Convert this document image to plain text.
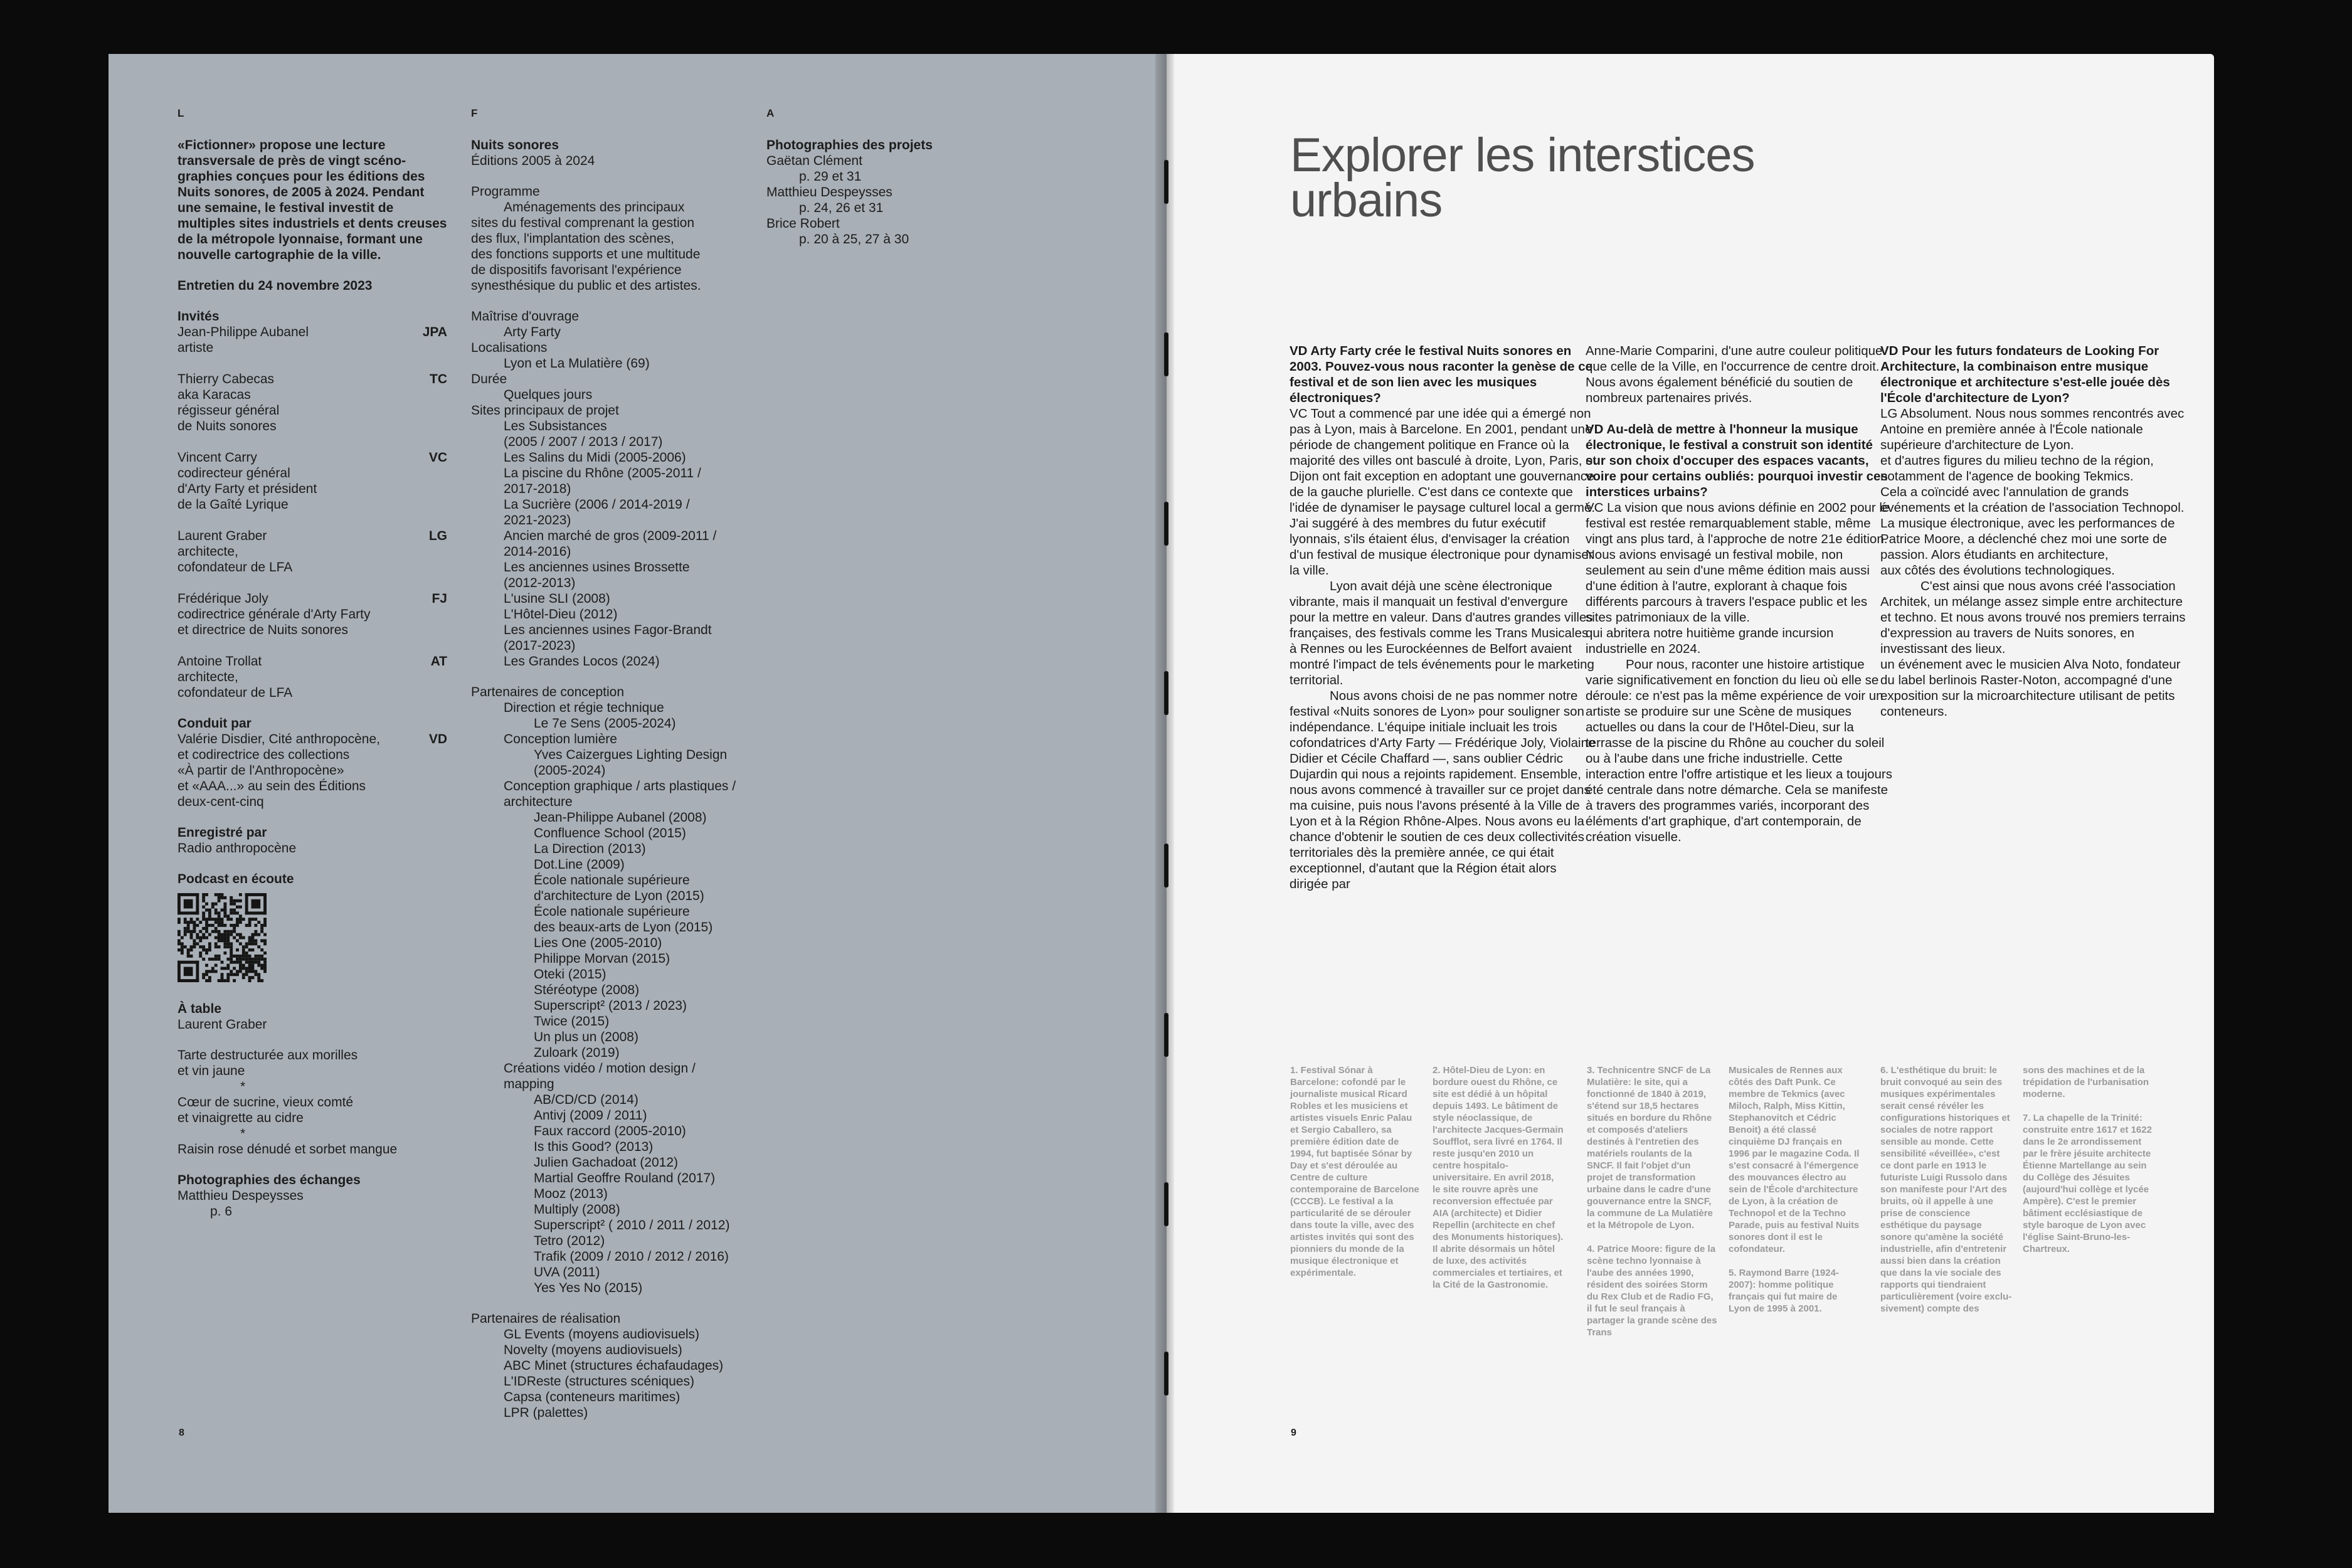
L
«Fictionner» propose une lecture transversale de près de vingt scénographies conçues pour les éditions des Nuits sonores, de 2005 à 2024. Pendant une semaine, le festival investit de multiples sites industriels et dents creuses de la métropole lyonnaise, formant une nouvelle cartographie de la ville.
Entretien du 24 novembre 2023
Invités
Jean-Philippe Aubanel
artiste
JPA
Thierry Cabecas
aka Karacas
régisseur général
de Nuits sonores
TC
Vincent Carry
codirecteur général
d'Arty Farty et président
de la Gaîté Lyrique
VC
Laurent Graber
architecte,
cofondateur de LFA
LG
Frédérique Joly
codirectrice générale d'Arty Farty
et directrice de Nuits sonores
FJ
Antoine Trollat
architecte,
cofondateur de LFA
AT
Conduit par
Valérie Disdier, Cité anthropocène,
et codirectrice des collections
«À partir de l'Anthropocène»
et «AAA...» au sein des Éditions
deux-cent-cinq
VD
Enregistré par
Radio anthropocène
Podcast en écoute
À table
Laurent Graber
Tarte destructurée aux morilles
et vin jaune
*
Cœur de sucrine, vieux comté
et vinaigrette au cidre
*
Raisin rose dénudé et sorbet mangue
Photographies des échanges
Matthieu Despeysses
p. 6
8
F
Nuits sonores
Éditions 2005 à 2024
Programme
Aménagements des principaux
sites du festival comprenant la gestion
des flux, l'implantation des scènes,
des fonctions supports et une multitude
de dispositifs favorisant l'expérience
synesthésique du public et des artistes.
Maîtrise d'ouvrage
Arty Farty
Localisations
Lyon et La Mulatière (69)
Durée
Quelques jours
Sites principaux de projet
Les Subsistances
(2005 / 2007 / 2013 / 2017)
Les Salins du Midi (2005-2006)
La piscine du Rhône (2005-2011 /
2017-2018)
La Sucrière (2006 / 2014-2019 /
2021-2023)
Ancien marché de gros (2009-2011 /
2014-2016)
Les anciennes usines Brossette
(2012-2013)
L'usine SLI (2008)
L'Hôtel-Dieu (2012)
Les anciennes usines Fagor-Brandt
(2017-2023)
Les Grandes Locos (2024)
Partenaires de conception
Direction et régie technique
Le 7e Sens (2005-2024)
Conception lumière
Yves Caizergues Lighting Design
(2005-2024)
Conception graphique / arts plastiques /
architecture
Jean-Philippe Aubanel (2008)
Confluence School (2015)
La Direction (2013)
Dot.Line (2009)
École nationale supérieure
d'architecture de Lyon (2015)
École nationale supérieure
des beaux-arts de Lyon (2015)
Lies One (2005-2010)
Philippe Morvan (2015)
Oteki (2015)
Stéréotype (2008)
Superscript² (2013 / 2023)
Twice (2015)
Un plus un (2008)
Zuloark (2019)
Créations vidéo / motion design /
mapping
AB/CD/CD (2014)
Antivj (2009 / 2011)
Faux raccord (2005-2010)
Is this Good? (2013)
Julien Gachadoat (2012)
Martial Geoffre Rouland (2017)
Mooz (2013)
Multiply (2008)
Superscript² ( 2010 / 2011 / 2012)
Tetro (2012)
Trafik (2009 / 2010 / 2012 / 2016)
UVA (2011)
Yes Yes No (2015)
Partenaires de réalisation
GL Events (moyens audiovisuels)
Novelty (moyens audiovisuels)
ABC Minet (structures échafaudages)
L'IDReste (structures scéniques)
Capsa (conteneurs maritimes)
LPR (palettes)
A
Photographies des projets
Gaëtan Clément
p. 29 et 31
Matthieu Despeysses
p. 24, 26 et 31
Brice Robert
p. 20 à 25, 27 à 30
Explorer les interstices
urbains

VD Arty Farty crée le festival Nuits sonores en 2003. Pouvez-vous nous raconter la genèse de ce festival et de son lien avec les musiques électroniques?

VC Tout a commencé par une idée qui a émergé non pas à Lyon, mais à Barcelone. En 2001, pendant une période de changement politique en France où la majorité des villes ont basculé à droite, Lyon, Paris, et Dijon ont fait exception en adoptant une gouvernance de la gauche plurielle. C'est dans ce contexte que l'idée de dynamiser le paysage culturel local a germé.

J'ai suggéré à des membres du futur exécutif lyonnais, s'ils étaient élus, d'envisager la création d'un festival de musique électronique pour dynamiser la ville.

Lyon avait déjà une scène électronique vibrante, mais il manquait un festival d'envergure pour la mettre en valeur. Dans d'autres grandes villes françaises, des festivals comme les Trans Musicales à Rennes ou les Eurockéennes de Belfort avaient montré l'impact de tels événements pour le marketing territorial.

Nous avons choisi de ne pas nommer notre festival «Nuits sonores de Lyon» pour souligner son indépendance. L'équipe initiale incluait les trois cofondatrices d'Arty Farty — Frédérique Joly, Violaine Didier et Cécile Chaffard —, sans oublier Cédric Dujardin qui nous a rejoints rapidement. Ensemble, nous avons commencé à travailler sur ce projet dans ma cuisine, puis nous l'avons présenté à la Ville de Lyon et à la Région Rhône-Alpes. Nous avons eu la chance d'obtenir le soutien de ces deux collectivités territoriales dès la première année, ce qui était exceptionnel, d'autant que la Région était alors dirigée par

Anne-Marie Comparini, d'une autre couleur politique que celle de la Ville, en l'occurrence de centre droit. Nous avons également bénéficié du soutien de nombreux partenaires privés.

VD Au-delà de mettre à l'honneur la musique électronique, le festival a construit son identité sur son choix d'occuper des espaces vacants, voire pour certains oubliés: pourquoi investir ces interstices urbains?

VC La vision que nous avions définie en 2002 pour le festival est restée remarquablement stable, même vingt ans plus tard, à l'approche de notre 21e édition. Nous avions envisagé un festival mobile, non seulement au sein d'une même édition mais aussi d'une édition à l'autre, explorant à chaque fois différents parcours à travers l'espace public et les sites patrimoniaux de la ville.

qui abritera notre huitième grande incursion industrielle en 2024.

Pour nous, raconter une histoire artistique varie significativement en fonction du lieu où elle se déroule: ce n'est pas la même expérience de voir un artiste se produire sur une Scène de musiques actuelles ou dans la cour de l'Hôtel-Dieu, sur la terrasse de la piscine du Rhône au coucher du soleil ou à l'aube dans une friche industrielle. Cette interaction entre l'offre artistique et les lieux a toujours été centrale dans notre démarche. Cela se manifeste à travers des programmes variés, incorporant des éléments d'art graphique, d'art contemporain, de création visuelle.

VD Pour les futurs fondateurs de Looking For Architecture, la combinaison entre musique électronique et architecture s'est-elle jouée dès l'École d'architecture de Lyon?

LG Absolument. Nous nous sommes rencontrés avec Antoine en première année à l'École nationale supérieure d'architecture de Lyon.

et d'autres figures du milieu techno de la région, notamment de l'agence de booking Tekmics.

Cela a coïncidé avec l'annulation de grands événements et la création de l'association Technopol. La musique électronique, avec les performances de Patrice Moore, a déclenché chez moi une sorte de passion. Alors étudiants en architecture,

aux côtés des évolutions technologiques.

C'est ainsi que nous avons créé l'association Architek, un mélange assez simple entre architecture et techno. Et nous avons trouvé nos premiers terrains d'expression au travers de Nuits sonores, en investissant des lieux.

un événement avec le musicien Alva Noto, fondateur du label berlinois Raster-Noton, accompagné d'une exposition sur la microarchitecture utilisant de petits conteneurs.

1. Festival Sónar à Barcelone: cofondé par le journaliste musical Ricard Robles et les musiciens et artistes visuels Enric Palau et Sergio Caballero, sa première édition date de 1994, fut baptisée Sónar by Day et s'est déroulée au Centre de culture contemporaine de Barcelone (CCCB). Le festival a la particularité de se dérouler dans toute la ville, avec des artistes invités qui sont des pionniers du monde de la musique électronique et expérimentale.

2. Hôtel-Dieu de Lyon: en bordure ouest du Rhône, ce site est dédié à un hôpital depuis 1493. Le bâtiment de style néoclassique, de l'architecte Jacques-Germain Soufflot, sera livré en 1764. Il reste jusqu'en 2010 un centre hospitalo-universitaire. En avril 2018, le site rouvre après une reconversion effectuée par AIA (architecte) et Didier Repellin (architecte en chef des Monuments historiques). Il abrite désormais un hôtel de luxe, des activités commerciales et tertiaires, et la Cité de la Gastronomie.

3. Technicentre SNCF de La Mulatière: le site, qui a fonctionné de 1840 à 2019, s'étend sur 18,5 hectares situés en bordure du Rhône et composés d'ateliers destinés à l'entretien des matériels roulants de la SNCF. Il fait l'objet d'un projet de transformation urbaine dans le cadre d'une gouvernance entre la SNCF, la commune de La Mulatière et la Métropole de Lyon.

4. Patrice Moore: figure de la scène techno lyonnaise à l'aube des années 1990, résident des soirées Storm du Rex Club et de Radio FG, il fut le seul français à partager la grande scène des Trans

Musicales de Rennes aux côtés des Daft Punk. Ce membre de Tekmics (avec Miloch, Ralph, Miss Kittin, Stephanovitch et Cédric Benoit) a été classé cinquième DJ français en 1996 par le magazine Coda. Il s'est consacré à l'émergence des mouvances électro au sein de l'École d'architecture de Lyon, à la création de Technopol et de la Techno Parade, puis au festival Nuits sonores dont il est le cofondateur.

5. Raymond Barre (1924-2007): homme politique français qui fut maire de Lyon de 1995 à 2001.

6. L'esthétique du bruit: le bruit convoqué au sein des musiques expérimentales serait censé révéler les configurations historiques et sociales de notre rapport sensible au monde. Cette sensibilité «éveillée», c'est ce dont parle en 1913 le futuriste Luigi Russolo dans son manifeste pour l'Art des bruits, où il appelle à une prise de conscience esthétique du paysage sonore qu'amène la société industrielle, afin d'entretenir aussi bien dans la création que dans la vie sociale des rapports qui tiendraient particulièrement (voire exclusivement) compte des

sons des machines et de la trépidation de l'urbanisation moderne.

7. La chapelle de la Trinité: construite entre 1617 et 1622 dans le 2e arrondissement par le frère jésuite architecte Étienne Martellange au sein du Collège des Jésuites (aujourd'hui collège et lycée Ampère). C'est le premier bâtiment ecclésiastique de style baroque de Lyon avec l'église Saint-Bruno-les-Chartreux.

9
